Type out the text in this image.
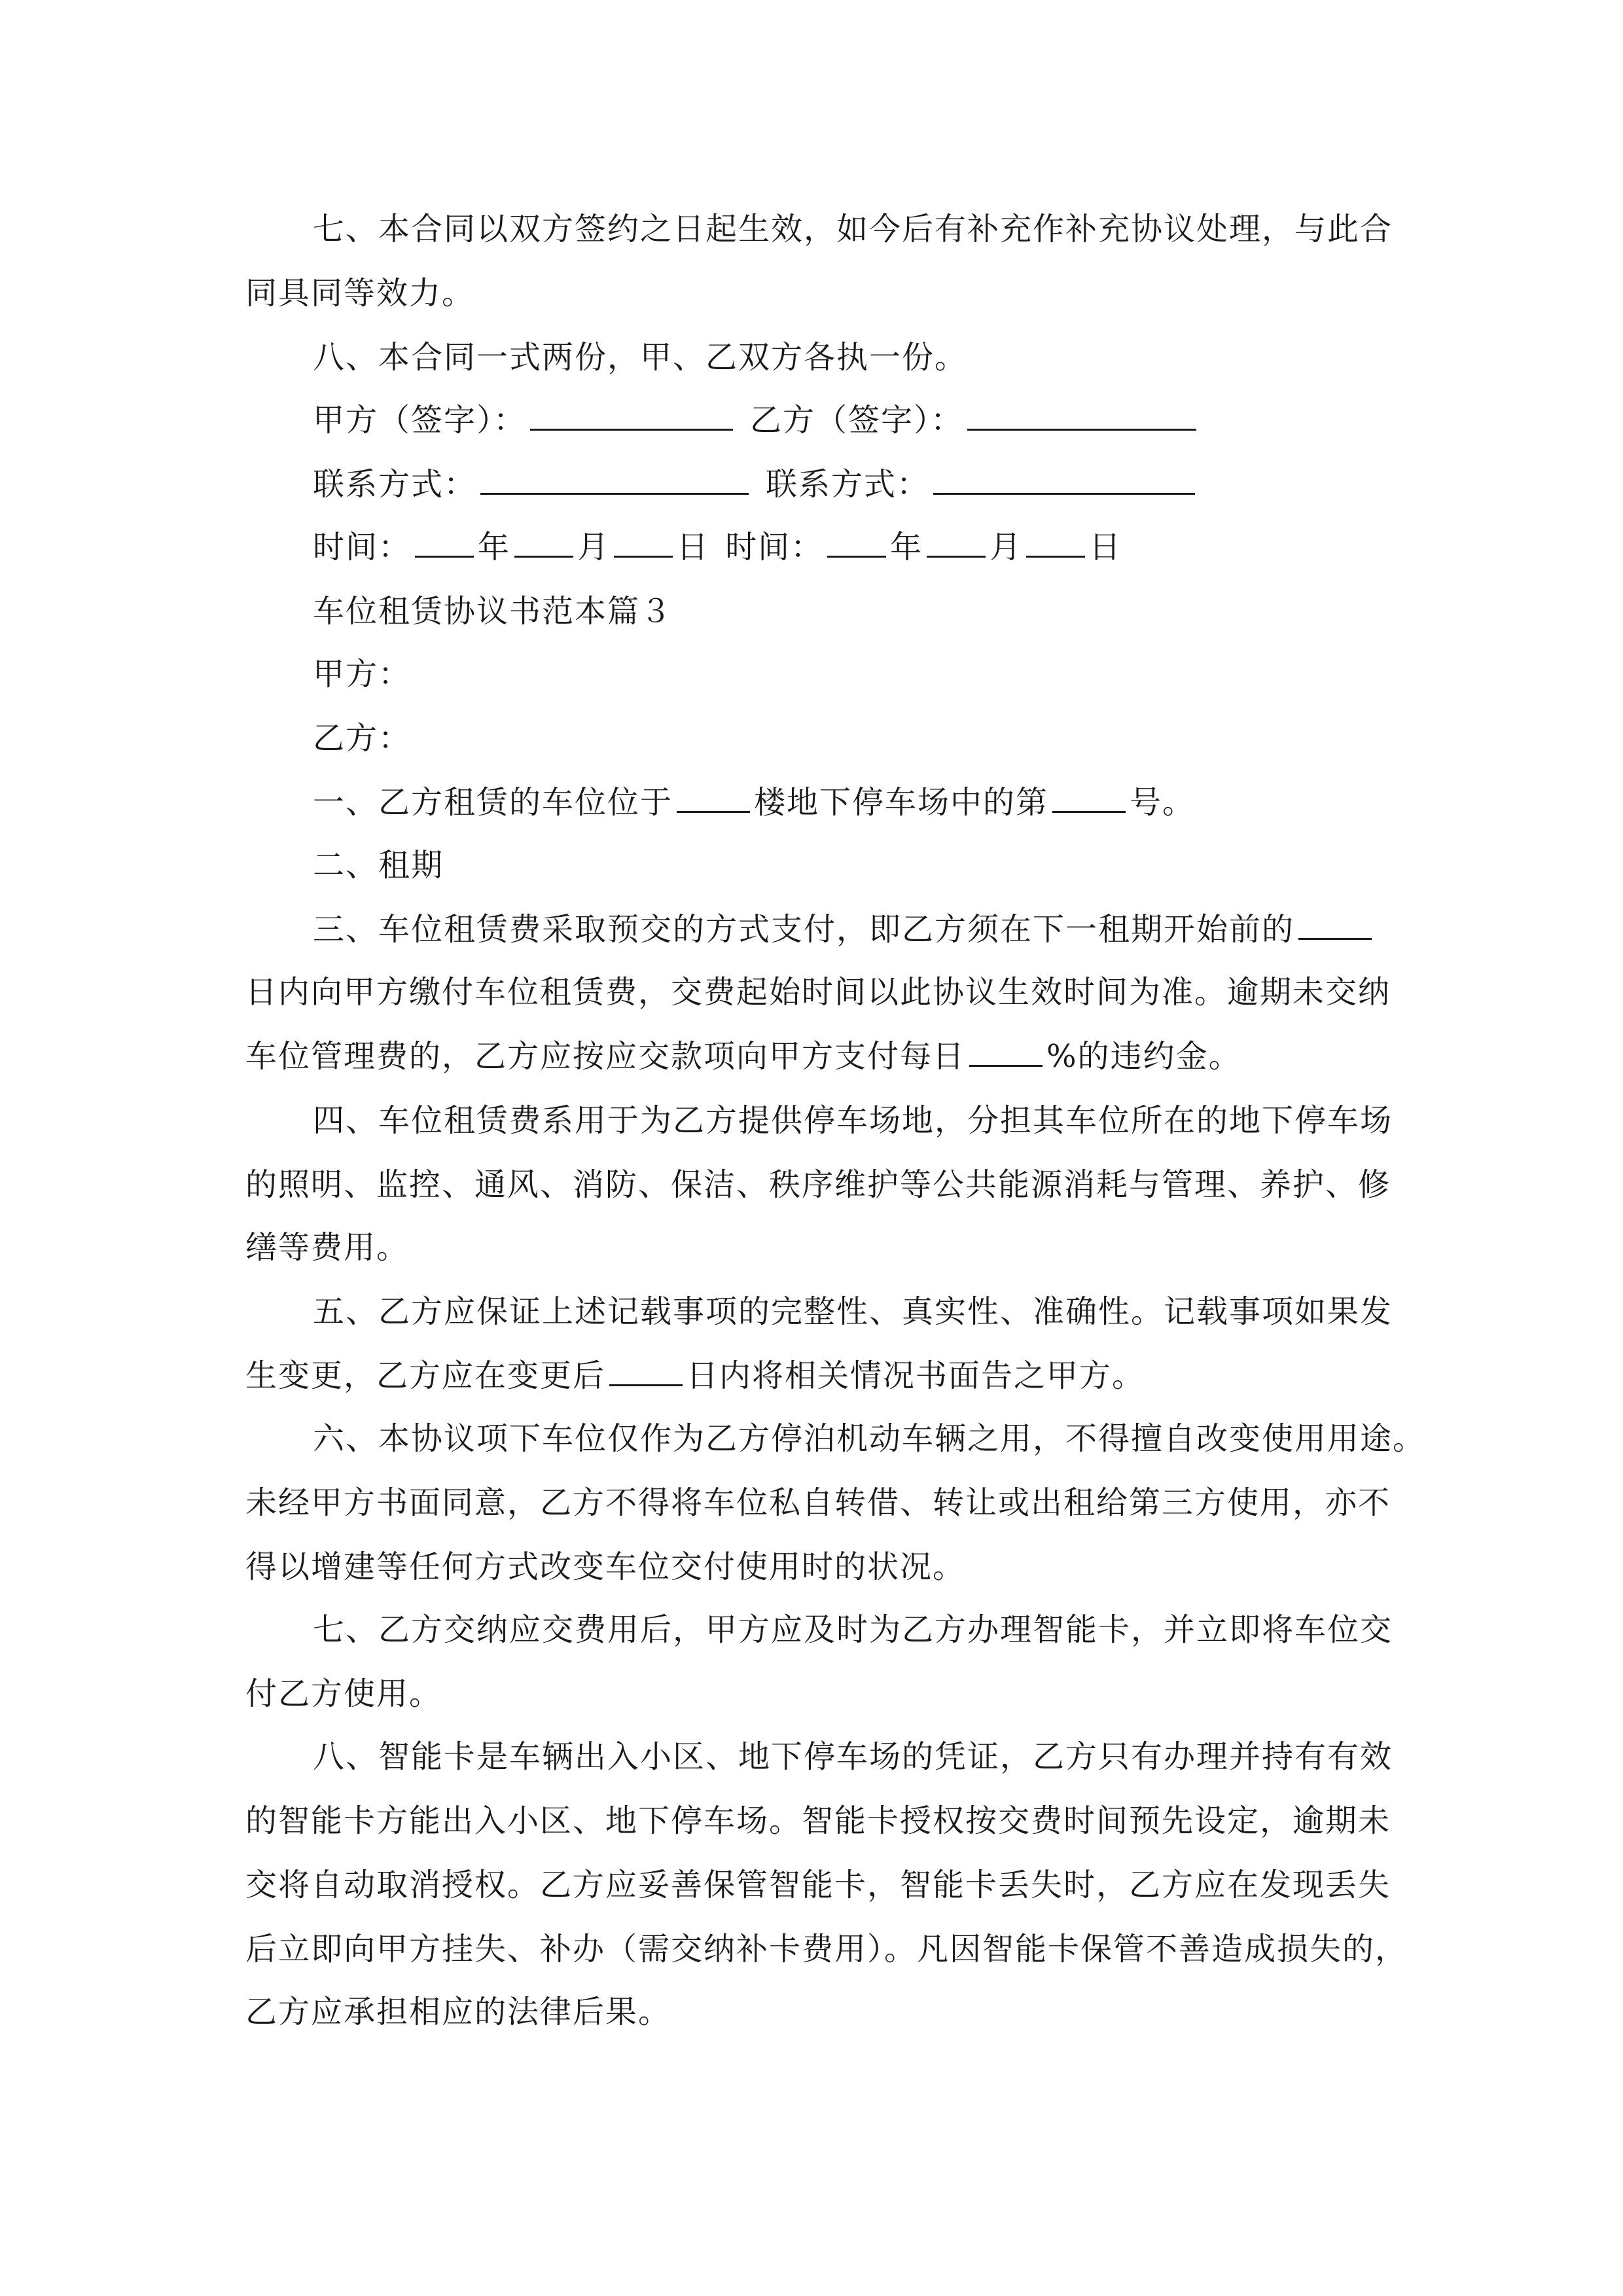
七、本合同以双方签约之日起生效，如今后有补充作补充协议处理，与此合
同具同等效力。
八、本合同一式两份，甲、乙双方各执一份。
甲方（签字）：	乙方（签字）：
联系方式：	联系方式：
时间： 年 月 日 时间： 年 月 日
车位租赁协议书范本篇３
甲方：
乙方：
一、乙方租赁的车位位于	楼地下停车场中的第	号。
二、租期
三、车位租赁费采取预交的方式支付，即乙方须在下一租期开始前的
日内向甲方缴付车位租赁费，交费起始时间以此协议生效时间为准。逾期未交纳
车位管理费的，乙方应按应交款项向甲方支付每日	%的违约金。
四、车位租赁费系用于为乙方提供停车场地，分担其车位所在的地下停车场
的照明、监控、通风、消防、保洁、秩序维护等公共能源消耗与管理、养护、修
缮等费用。
五、乙方应保证上述记载事项的完整性、真实性、准确性。记载事项如果发
生变更，乙方应在变更后	日内将相关情况书面告之甲方。
六、本协议项下车位仅作为乙方停泊机动车辆之用，不得擅自改变使用用途。
未经甲方书面同意，乙方不得将车位私自转借、转让或出租给第三方使用，亦不
得以增建等任何方式改变车位交付使用时的状况。
七、乙方交纳应交费用后，甲方应及时为乙方办理智能卡，并立即将车位交
付乙方使用。
八、智能卡是车辆出入小区、地下停车场的凭证，乙方只有办理并持有有效
的智能卡方能出入小区、地下停车场。智能卡授权按交费时间预先设定，逾期未
交将自动取消授权。乙方应妥善保管智能卡，智能卡丢失时，乙方应在发现丢失
后立即向甲方挂失、补办（需交纳补卡费用）。凡因智能卡保管不善造成损失的，
乙方应承担相应的法律后果。
